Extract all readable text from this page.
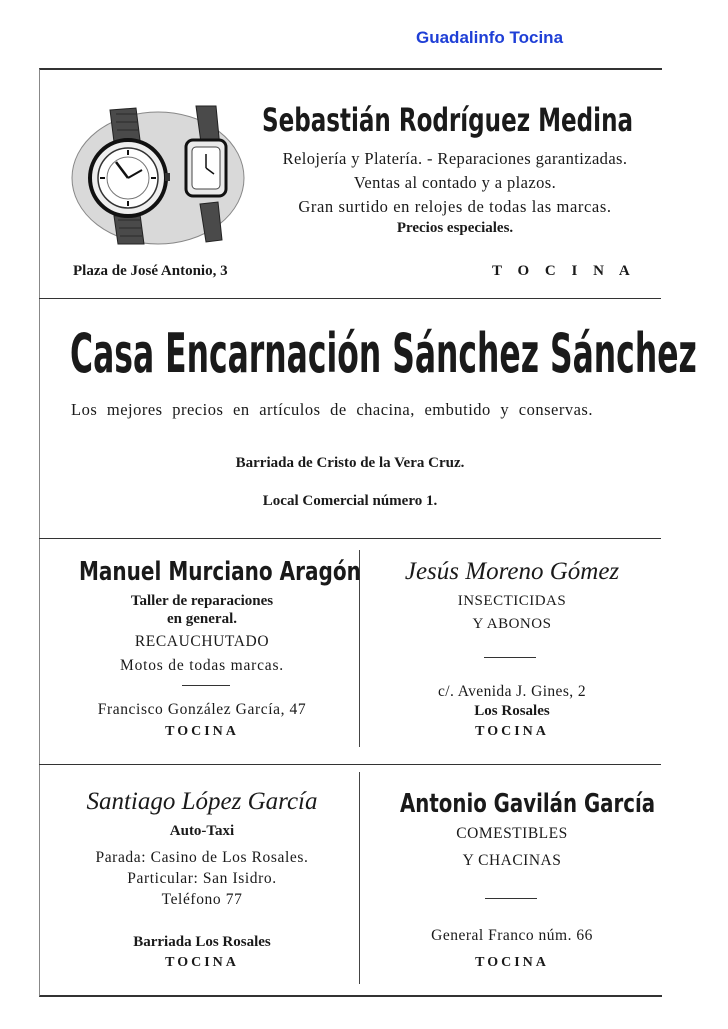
Guadalinfo Tocina
Sebastián Rodríguez Medina
Relojería y Platería. - Reparaciones garantizadas.
Ventas al contado y a plazos.
Gran surtido en relojes de todas las marcas.
Precios especiales.
Plaza de José Antonio, 3	T O C I N A
Casa Encarnación Sánchez Sánchez
Los mejores precios en artículos de chacina, embutido y conservas.
Barriada de Cristo de la Vera Cruz.
Local Comercial número 1.
Manuel Murciano Aragón
Taller de reparaciones
en general.
RECAUCHUTADO
Motos de todas marcas.
Francisco González García, 47
TOCINA
Jesús Moreno Gómez
INSECTICIDAS
Y ABONOS
c/. Avenida J. Gines, 2
Los Rosales
TOCINA
Santiago López García
Auto-Taxi
Parada: Casino de Los Rosales.
Particular: San Isidro.
Teléfono 77
Barriada Los Rosales
TOCINA
Antonio Gavilán García
COMESTIBLES
Y CHACINAS
General Franco núm. 66
TOCINA
